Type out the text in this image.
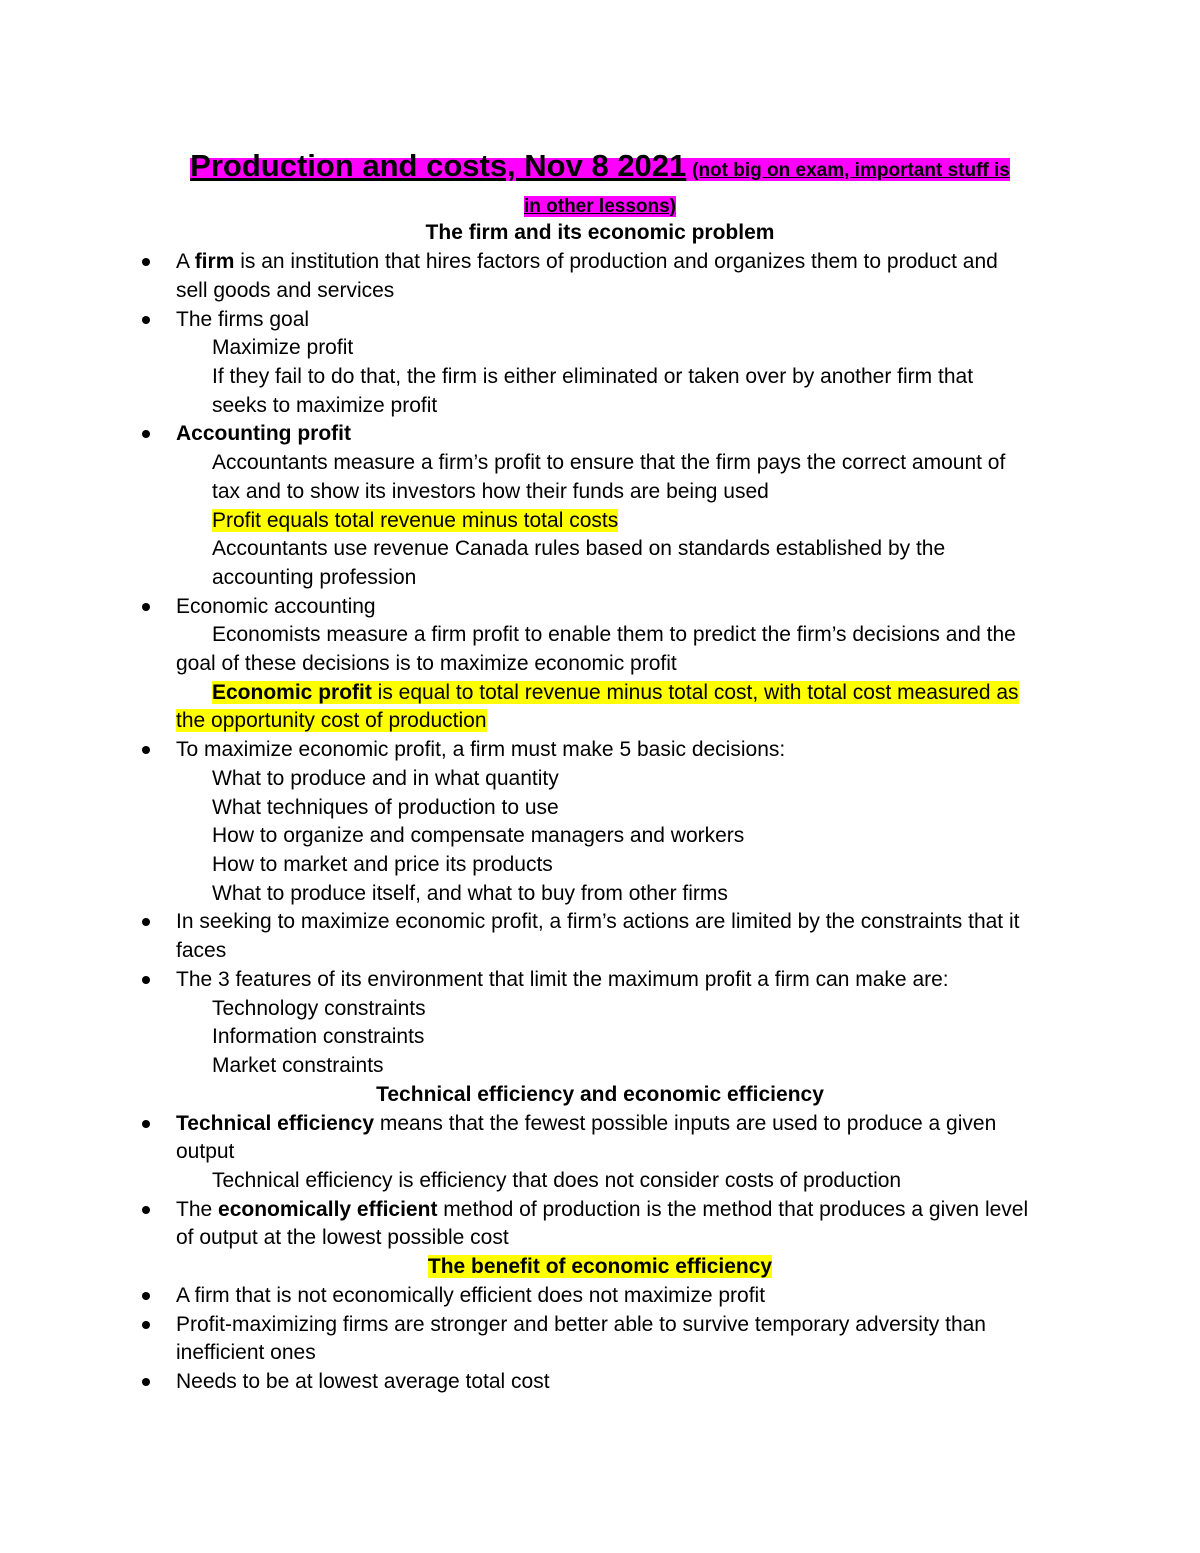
Production and costs, Nov 8 2021 (not big on exam, important stuff is
in other lessons)
The firm and its economic problem
A firm is an institution that hires factors of production and organizes them to product and
sell goods and services
The firms goal
Maximize profit
If they fail to do that, the firm is either eliminated or taken over by another firm that
seeks to maximize profit
Accounting profit
Accountants measure a firm’s profit to ensure that the firm pays the correct amount of
tax and to show its investors how their funds are being used
Profit equals total revenue minus total costs
Accountants use revenue Canada rules based on standards established by the
accounting profession
Economic accounting
Economists measure a firm profit to enable them to predict the firm’s decisions and the
goal of these decisions is to maximize economic profit
Economic profit is equal to total revenue minus total cost, with total cost measured as
the opportunity cost of production
To maximize economic profit, a firm must make 5 basic decisions:
What to produce and in what quantity
What techniques of production to use
How to organize and compensate managers and workers
How to market and price its products
What to produce itself, and what to buy from other firms
In seeking to maximize economic profit, a firm’s actions are limited by the constraints that it
faces
The 3 features of its environment that limit the maximum profit a firm can make are:
Technology constraints
Information constraints
Market constraints
Technical efficiency and economic efficiency
Technical efficiency means that the fewest possible inputs are used to produce a given
output
Technical efficiency is efficiency that does not consider costs of production
The economically efficient method of production is the method that produces a given level
of output at the lowest possible cost
The benefit of economic efficiency
A firm that is not economically efficient does not maximize profit
Profit-maximizing firms are stronger and better able to survive temporary adversity than
inefficient ones
Needs to be at lowest average total cost
